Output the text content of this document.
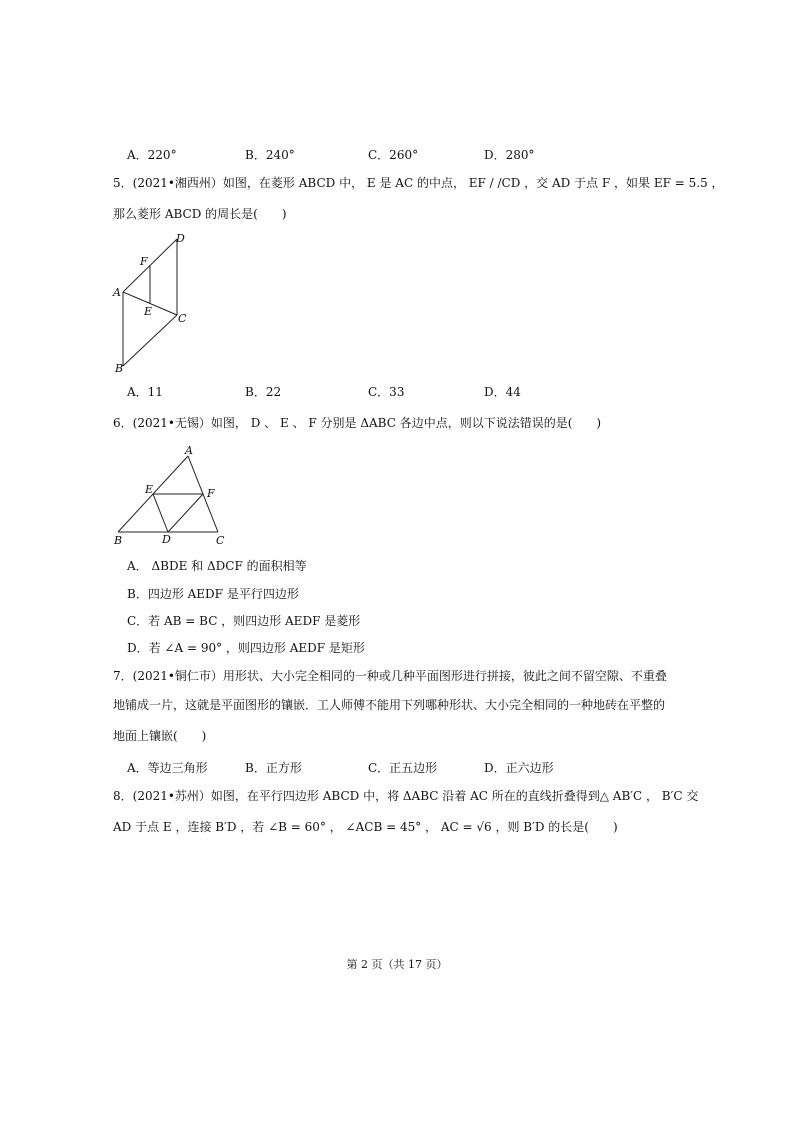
A．220°	B．240°	C．260°	D．280°
5．(2021•湘西州）如图，在菱形 ABCD 中， E 是 AC 的中点， EF / /CD ，交 AD 于点 F ，如果 EF = 5.5 ，
那么菱形 ABCD 的周长是(　　)
D
F
A
E
C
B
A．11	B．22	C．33	D．44
6．(2021•无锡）如图， D 、 E 、 F 分别是 ΔABC 各边中点，则以下说法错误的是(　　)
A
E	F
B	D	C
A． ΔBDE 和 ΔDCF 的面积相等
B．四边形 AEDF 是平行四边形
C．若 AB = BC ，则四边形 AEDF 是菱形
D．若 ∠A = 90° ，则四边形 AEDF 是矩形
7．(2021•铜仁市）用形状、大小完全相同的一种或几种平面图形进行拼接，彼此之间不留空隙、不重叠
地铺成一片，这就是平面图形的镶嵌．工人师傅不能用下列哪种形状、大小完全相同的一种地砖在平整的
地面上镶嵌(　　)
A．等边三角形	B．正方形	C．正五边形	D．正六边形
8．(2021•苏州）如图，在平行四边形 ABCD 中，将 ΔABC 沿着 AC 所在的直线折叠得到△ AB′C ， B′C 交
AD 于点 E ，连接 B′D ，若 ∠B = 60° ， ∠ACB = 45° ， AC = √6 ，则 B′D 的长是(　　)
第 2 页（共 17 页）
